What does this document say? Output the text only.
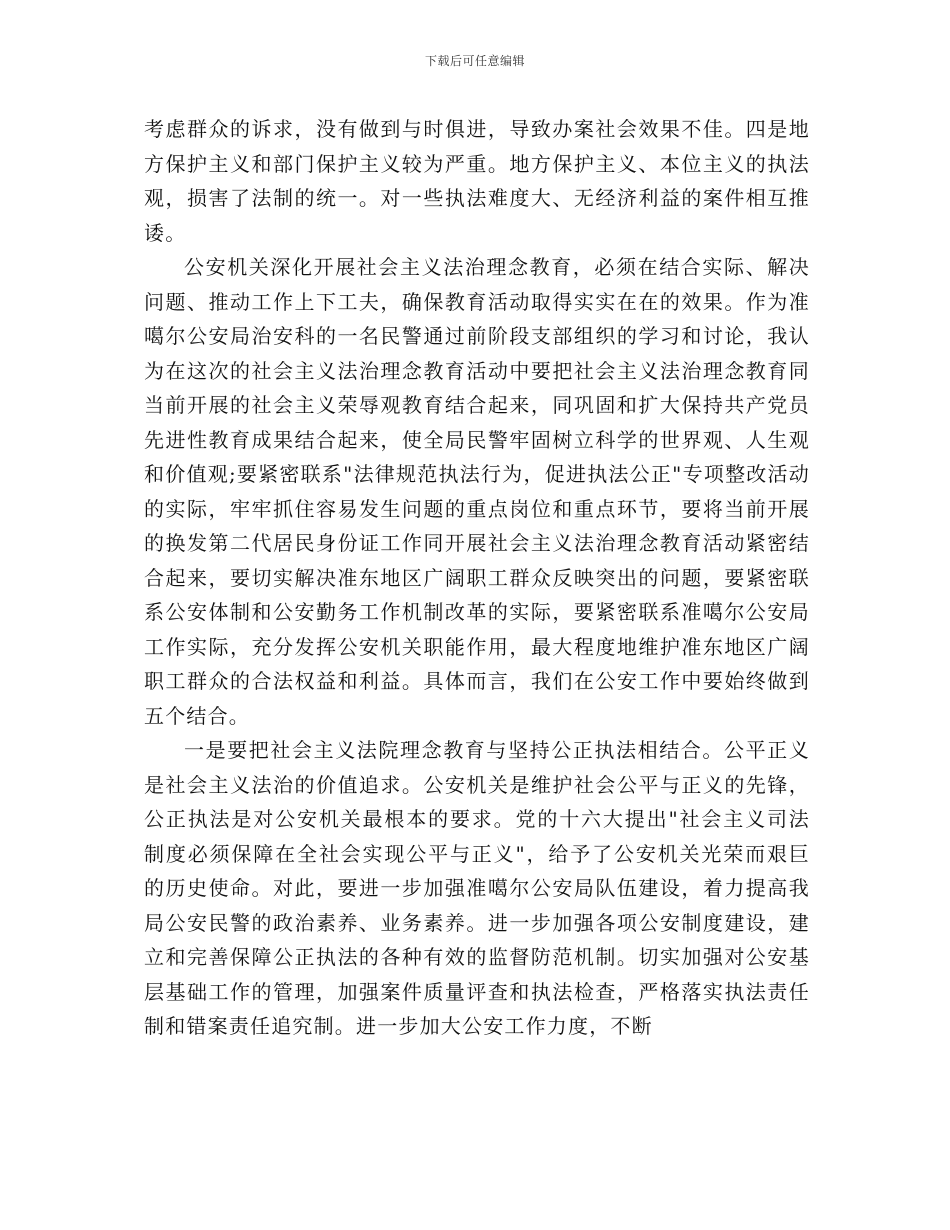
下载后可任意编辑

考虑群众的诉求，没有做到与时俱进，导致办案社会效果不佳。四是地方保护主义和部门保护主义较为严重。地方保护主义、本位主义的执法观，损害了法制的统一。对一些执法难度大、无经济利益的案件相互推诿。

公安机关深化开展社会主义法治理念教育，必须在结合实际、解决问题、推动工作上下工夫，确保教育活动取得实实在在的效果。作为准噶尔公安局治安科的一名民警通过前阶段支部组织的学习和讨论，我认为在这次的社会主义法治理念教育活动中要把社会主义法治理念教育同当前开展的社会主义荣辱观教育结合起来，同巩固和扩大保持共产党员先进性教育成果结合起来，使全局民警牢固树立科学的世界观、人生观和价值观;要紧密联系"法律规范执法行为，促进执法公正"专项整改活动的实际，牢牢抓住容易发生问题的重点岗位和重点环节，要将当前开展的换发第二代居民身份证工作同开展社会主义法治理念教育活动紧密结合起来，要切实解决准东地区广阔职工群众反映突出的问题，要紧密联系公安体制和公安勤务工作机制改革的实际，要紧密联系准噶尔公安局工作实际，充分发挥公安机关职能作用，最大程度地维护准东地区广阔职工群众的合法权益和利益。具体而言，我们在公安工作中要始终做到五个结合。

一是要把社会主义法院理念教育与坚持公正执法相结合。公平正义是社会主义法治的价值追求。公安机关是维护社会公平与正义的先锋，公正执法是对公安机关最根本的要求。党的十六大提出"社会主义司法制度必须保障在全社会实现公平与正义"，给予了公安机关光荣而艰巨的历史使命。对此，要进一步加强准噶尔公安局队伍建设，着力提高我局公安民警的政治素养、业务素养。进一步加强各项公安制度建设，建立和完善保障公正执法的各种有效的监督防范机制。切实加强对公安基层基础工作的管理，加强案件质量评查和执法检查，严格落实执法责任制和错案责任追究制。进一步加大公安工作力度，不断
